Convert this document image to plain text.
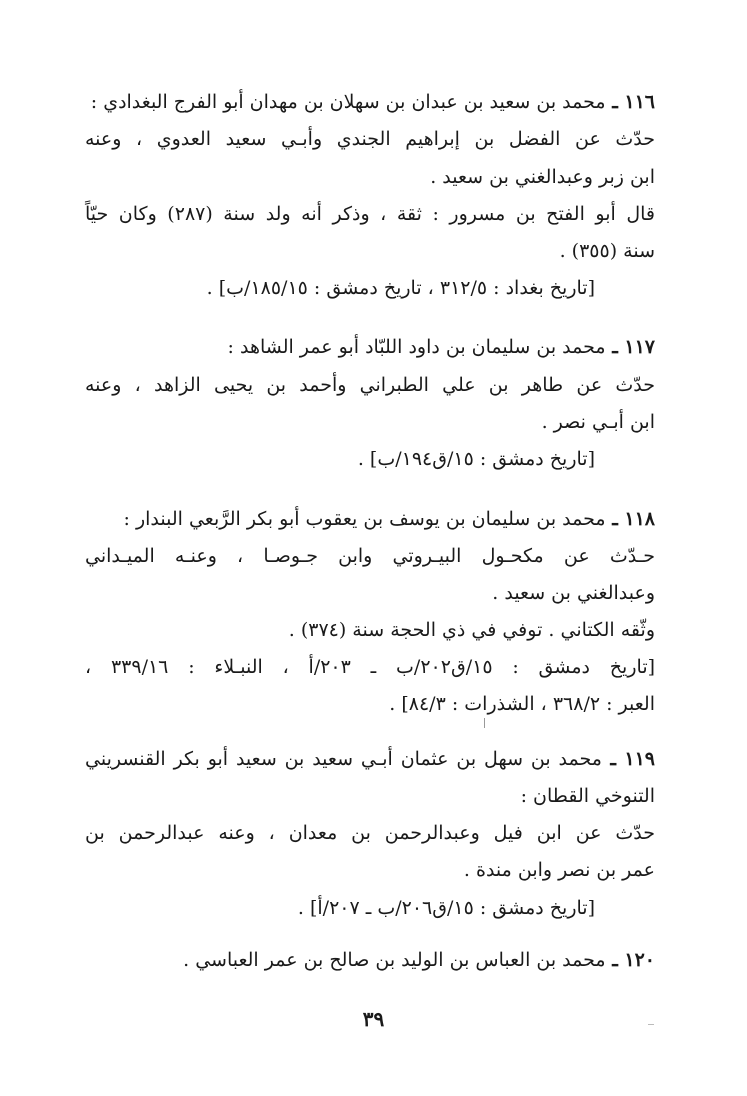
١١٦ ـ محمد بن سعيد بن عبدان بن سهلان بن مهدان أبو الفرج البغدادي :
حدّث عن الفضل بن إبراهيم الجندي وأبـي سعيد العدوي ، وعنه
ابن زبر وعبدالغني بن سعيد .
قال أبو الفتح بن مسرور : ثقة ، وذكر أنه ولد سنة (٢٨٧) وكان حيّاً
سنة (٣٥٥) .
[تاريخ بغداد : ٣١٢/٥ ، تاريخ دمشق : ١٨٥/١٥/ب] .
١١٧ ـ محمد بن سليمان بن داود اللبّاد أبو عمر الشاهد :
حدّث عن طاهر بن علي الطبراني وأحمد بن يحيى الزاهد ، وعنه
ابن أبـي نصر .
[تاريخ دمشق : ١٥/ق١٩٤/ب] .
١١٨ ـ محمد بن سليمان بن يوسف بن يعقوب أبو بكر الرَّبعي البندار :
حـدّث عن مكحـول البيـروتي وابن جـوصـا ، وعنـه الميـداني
وعبدالغني بن سعيد .
وثّقه الكتاني . توفي في ذي الحجة سنة (٣٧٤) .
[تاريخ دمشق : ١٥/ق٢٠٢/ب ـ ٢٠٣/أ ، النبـلاء : ٣٣٩/١٦ ،
العبر : ٣٦٨/٢ ، الشذرات : ٨٤/٣] .
١١٩ ـ محمد بن سهل بن عثمان أبـي سعيد بن سعيد أبو بكر القنسريني
التنوخي القطان :
حدّث عن ابن فيل وعبدالرحمن بن معدان ، وعنه عبدالرحمن بن
عمر بن نصر وابن مندة .
[تاريخ دمشق : ١٥/ق٢٠٦/ب ـ ٢٠٧/أ] .
١٢٠ ـ محمد بن العباس بن الوليد بن صالح بن عمر العباسي .
٣٩
